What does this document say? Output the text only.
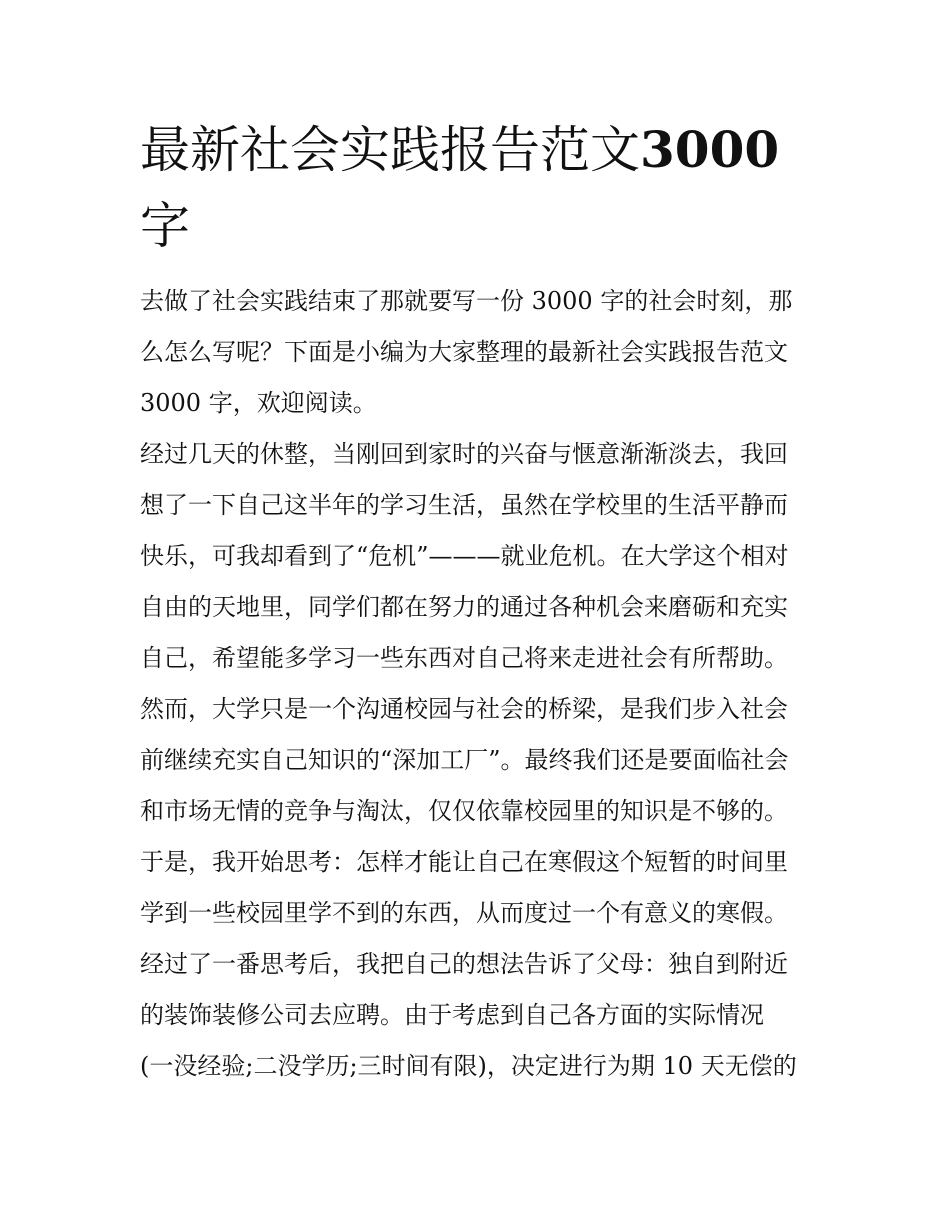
最新社会实践报告范文3000字
去做了社会实践结束了那就要写一份 3000 字的社会时刻，那
么怎么写呢？下面是小编为大家整理的最新社会实践报告范文
3000 字，欢迎阅读。
经过几天的休整，当刚回到家时的兴奋与惬意渐渐淡去，我回
想了一下自己这半年的学习生活，虽然在学校里的生活平静而
快乐，可我却看到了“危机”———就业危机。在大学这个相对
自由的天地里，同学们都在努力的通过各种机会来磨砺和充实
自己，希望能多学习一些东西对自己将来走进社会有所帮助。
然而，大学只是一个沟通校园与社会的桥梁，是我们步入社会
前继续充实自己知识的“深加工厂”。最终我们还是要面临社会
和市场无情的竞争与淘汰，仅仅依靠校园里的知识是不够的。
于是，我开始思考：怎样才能让自己在寒假这个短暂的时间里
学到一些校园里学不到的东西，从而度过一个有意义的寒假。
经过了一番思考后，我把自己的想法告诉了父母：独自到附近
的装饰装修公司去应聘。由于考虑到自己各方面的实际情况
(一没经验;二没学历;三时间有限)，决定进行为期 10 天无偿的
